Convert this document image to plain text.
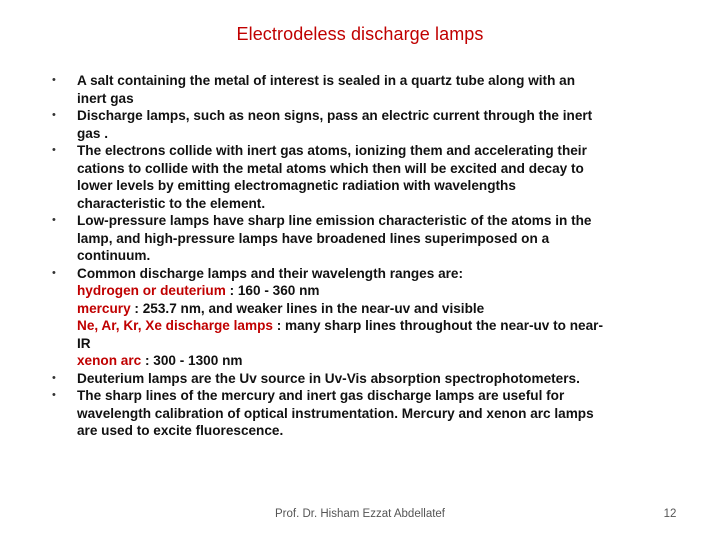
Electrodeless discharge lamps
• A salt containing the metal of interest is sealed in a quartz tube along with an
inert gas
• Discharge lamps, such as neon signs, pass an electric current through the inert
gas .
• The electrons collide with inert gas atoms, ionizing them and accelerating their
cations to collide with the metal atoms which then will be excited and decay to
lower levels by emitting electromagnetic radiation with wavelengths
characteristic to the element.
• Low-pressure lamps have sharp line emission characteristic of the atoms in the
lamp, and high-pressure lamps have broadened lines superimposed on a
continuum.
• Common discharge lamps and their wavelength ranges are:
hydrogen or deuterium : 160 - 360 nm
mercury : 253.7 nm, and weaker lines in the near-uv and visible
Ne, Ar, Kr, Xe discharge lamps : many sharp lines throughout the near-uv to near-
IR
xenon arc : 300 - 1300 nm
• Deuterium lamps are the Uv source in Uv-Vis absorption spectrophotometers.
• The sharp lines of the mercury and inert gas discharge lamps are useful for
wavelength calibration of optical instrumentation. Mercury and xenon arc lamps
are used to excite fluorescence.
Prof. Dr. Hisham Ezzat Abdellatef	12
